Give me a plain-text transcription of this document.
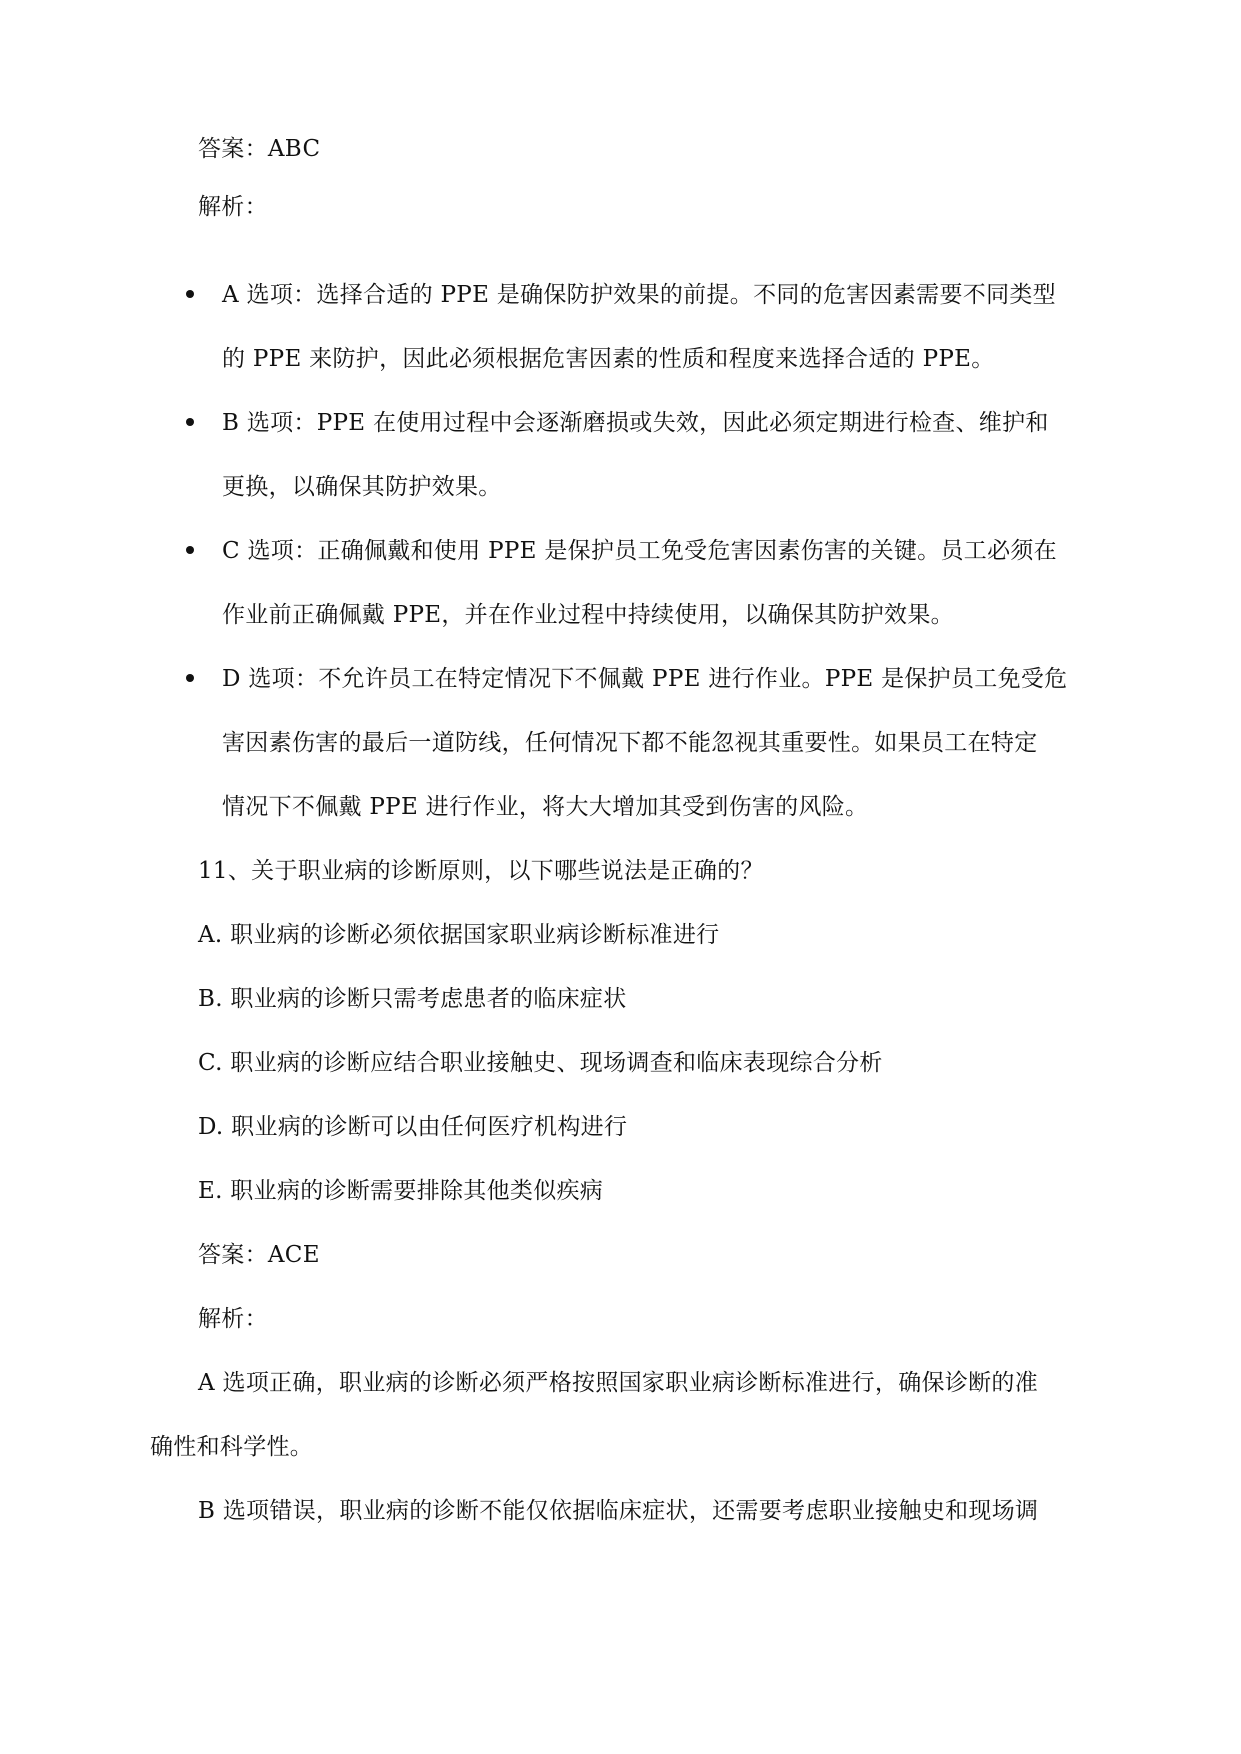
答案：ABC
解析：
A 选项：选择合适的 PPE 是确保防护效果的前提。不同的危害因素需要不同类型
的 PPE 来防护，因此必须根据危害因素的性质和程度来选择合适的 PPE。
B 选项：PPE 在使用过程中会逐渐磨损或失效，因此必须定期进行检查、维护和
更换，以确保其防护效果。
C 选项：正确佩戴和使用 PPE 是保护员工免受危害因素伤害的关键。员工必须在
作业前正确佩戴 PPE，并在作业过程中持续使用，以确保其防护效果。
D 选项：不允许员工在特定情况下不佩戴 PPE 进行作业。PPE 是保护员工免受危
害因素伤害的最后一道防线，任何情况下都不能忽视其重要性。如果员工在特定
情况下不佩戴 PPE 进行作业，将大大增加其受到伤害的风险。
11、关于职业病的诊断原则，以下哪些说法是正确的？
A. 职业病的诊断必须依据国家职业病诊断标准进行
B. 职业病的诊断只需考虑患者的临床症状
C. 职业病的诊断应结合职业接触史、现场调查和临床表现综合分析
D. 职业病的诊断可以由任何医疗机构进行
E. 职业病的诊断需要排除其他类似疾病
答案：ACE
解析：
A 选项正确，职业病的诊断必须严格按照国家职业病诊断标准进行，确保诊断的准
确性和科学性。
B 选项错误，职业病的诊断不能仅依据临床症状，还需要考虑职业接触史和现场调
